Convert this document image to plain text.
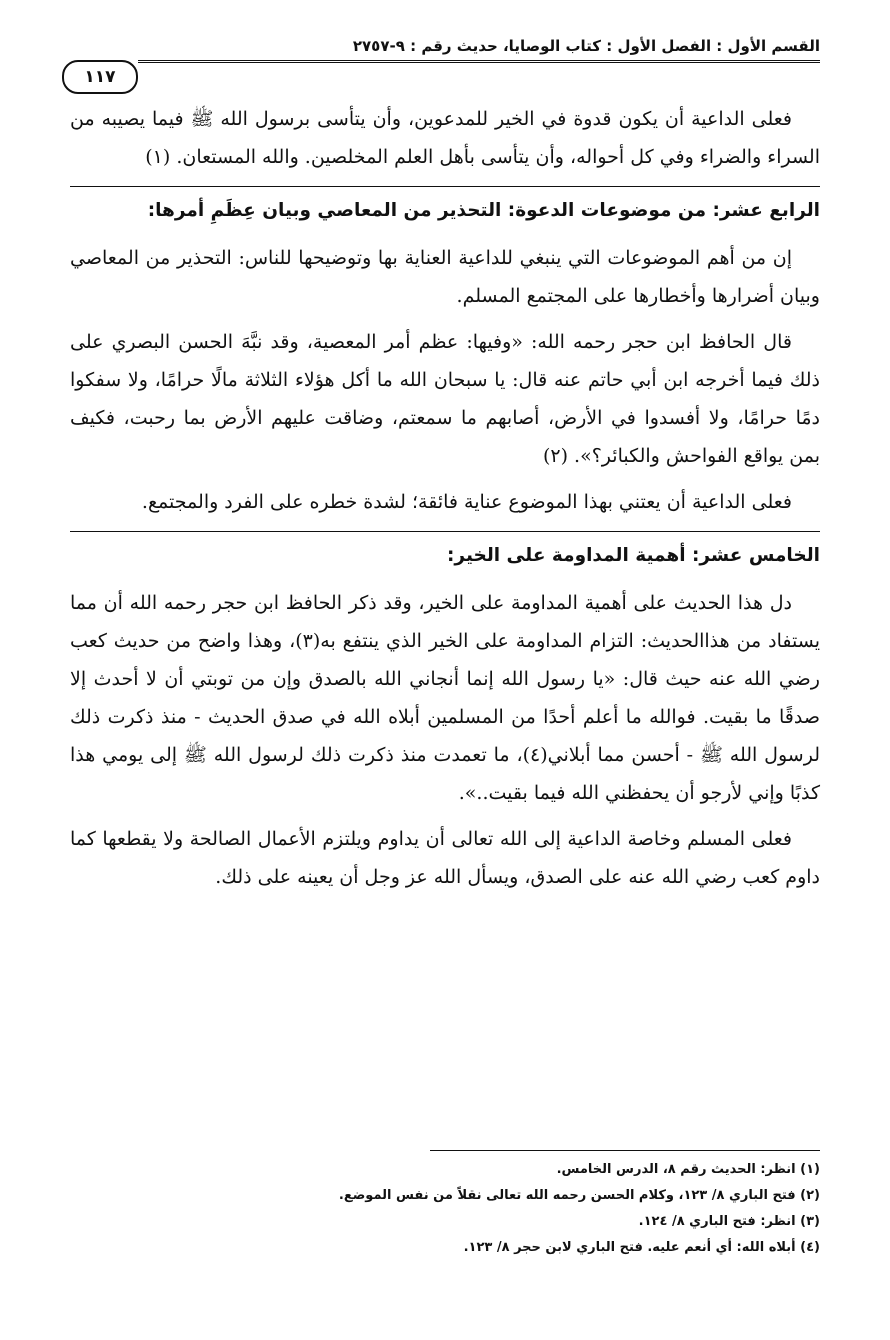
القسم الأول : الفصل الأول : كتاب الوصايا، حديث رقم : ٩-٢٧٥٧
١١٧

فعلى الداعية أن يكون قدوة في الخير للمدعوين، وأن يتأسى برسول الله ﷺ فيما يصيبه من السراء والضراء وفي كل أحواله، وأن يتأسى بأهل العلم المخلصين. والله المستعان. (١)

الرابع عشر: من موضوعات الدعوة: التحذير من المعاصي وبيان عِظَمِ أمرها:

إن من أهم الموضوعات التي ينبغي للداعية العناية بها وتوضيحها للناس: التحذير من المعاصي وبيان أضرارها وأخطارها على المجتمع المسلم.

قال الحافظ ابن حجر رحمه الله: «وفيها: عظم أمر المعصية، وقد نبَّهَ الحسن البصري على ذلك فيما أخرجه ابن أبي حاتم عنه قال: يا سبحان الله ما أكل هؤلاء الثلاثة مالًا حرامًا، ولا سفكوا دمًا حرامًا، ولا أفسدوا في الأرض، أصابهم ما سمعتم، وضاقت عليهم الأرض بما رحبت، فكيف بمن يواقع الفواحش والكبائر؟». (٢)

فعلى الداعية أن يعتني بهذا الموضوع عناية فائقة؛ لشدة خطره على الفرد والمجتمع.

الخامس عشر: أهمية المداومة على الخير:

دل هذا الحديث على أهمية المداومة على الخير، وقد ذكر الحافظ ابن حجر رحمه الله أن مما يستفاد من هذاالحديث: التزام المداومة على الخير الذي ينتفع به(٣)، وهذا واضح من حديث كعب رضي الله عنه حيث قال: «يا رسول الله إنما أنجاني الله بالصدق وإن من توبتي أن لا أحدث إلا صدقًا ما بقيت. فوالله ما أعلم أحدًا من المسلمين أبلاه الله في صدق الحديث - منذ ذكرت ذلك لرسول الله ﷺ - أحسن مما أبلاني(٤)، ما تعمدت منذ ذكرت ذلك لرسول الله ﷺ إلى يومي هذا كذبًا وإني لأرجو أن يحفظني الله فيما بقيت..».

فعلى المسلم وخاصة الداعية إلى الله تعالى أن يداوم ويلتزم الأعمال الصالحة ولا يقطعها كما داوم كعب رضي الله عنه على الصدق، ويسأل الله عز وجل أن يعينه على ذلك.

(١) انظر: الحديث رقم ٨، الدرس الخامس.
(٢) فتح الباري ٨/ ١٢٣، وكلام الحسن رحمه الله تعالى نقلاً من نفس الموضع.
(٣) انظر: فتح الباري ٨/ ١٢٤.
(٤) أبلاه الله: أي أنعم عليه. فتح الباري لابن حجر ٨/ ١٢٣.
